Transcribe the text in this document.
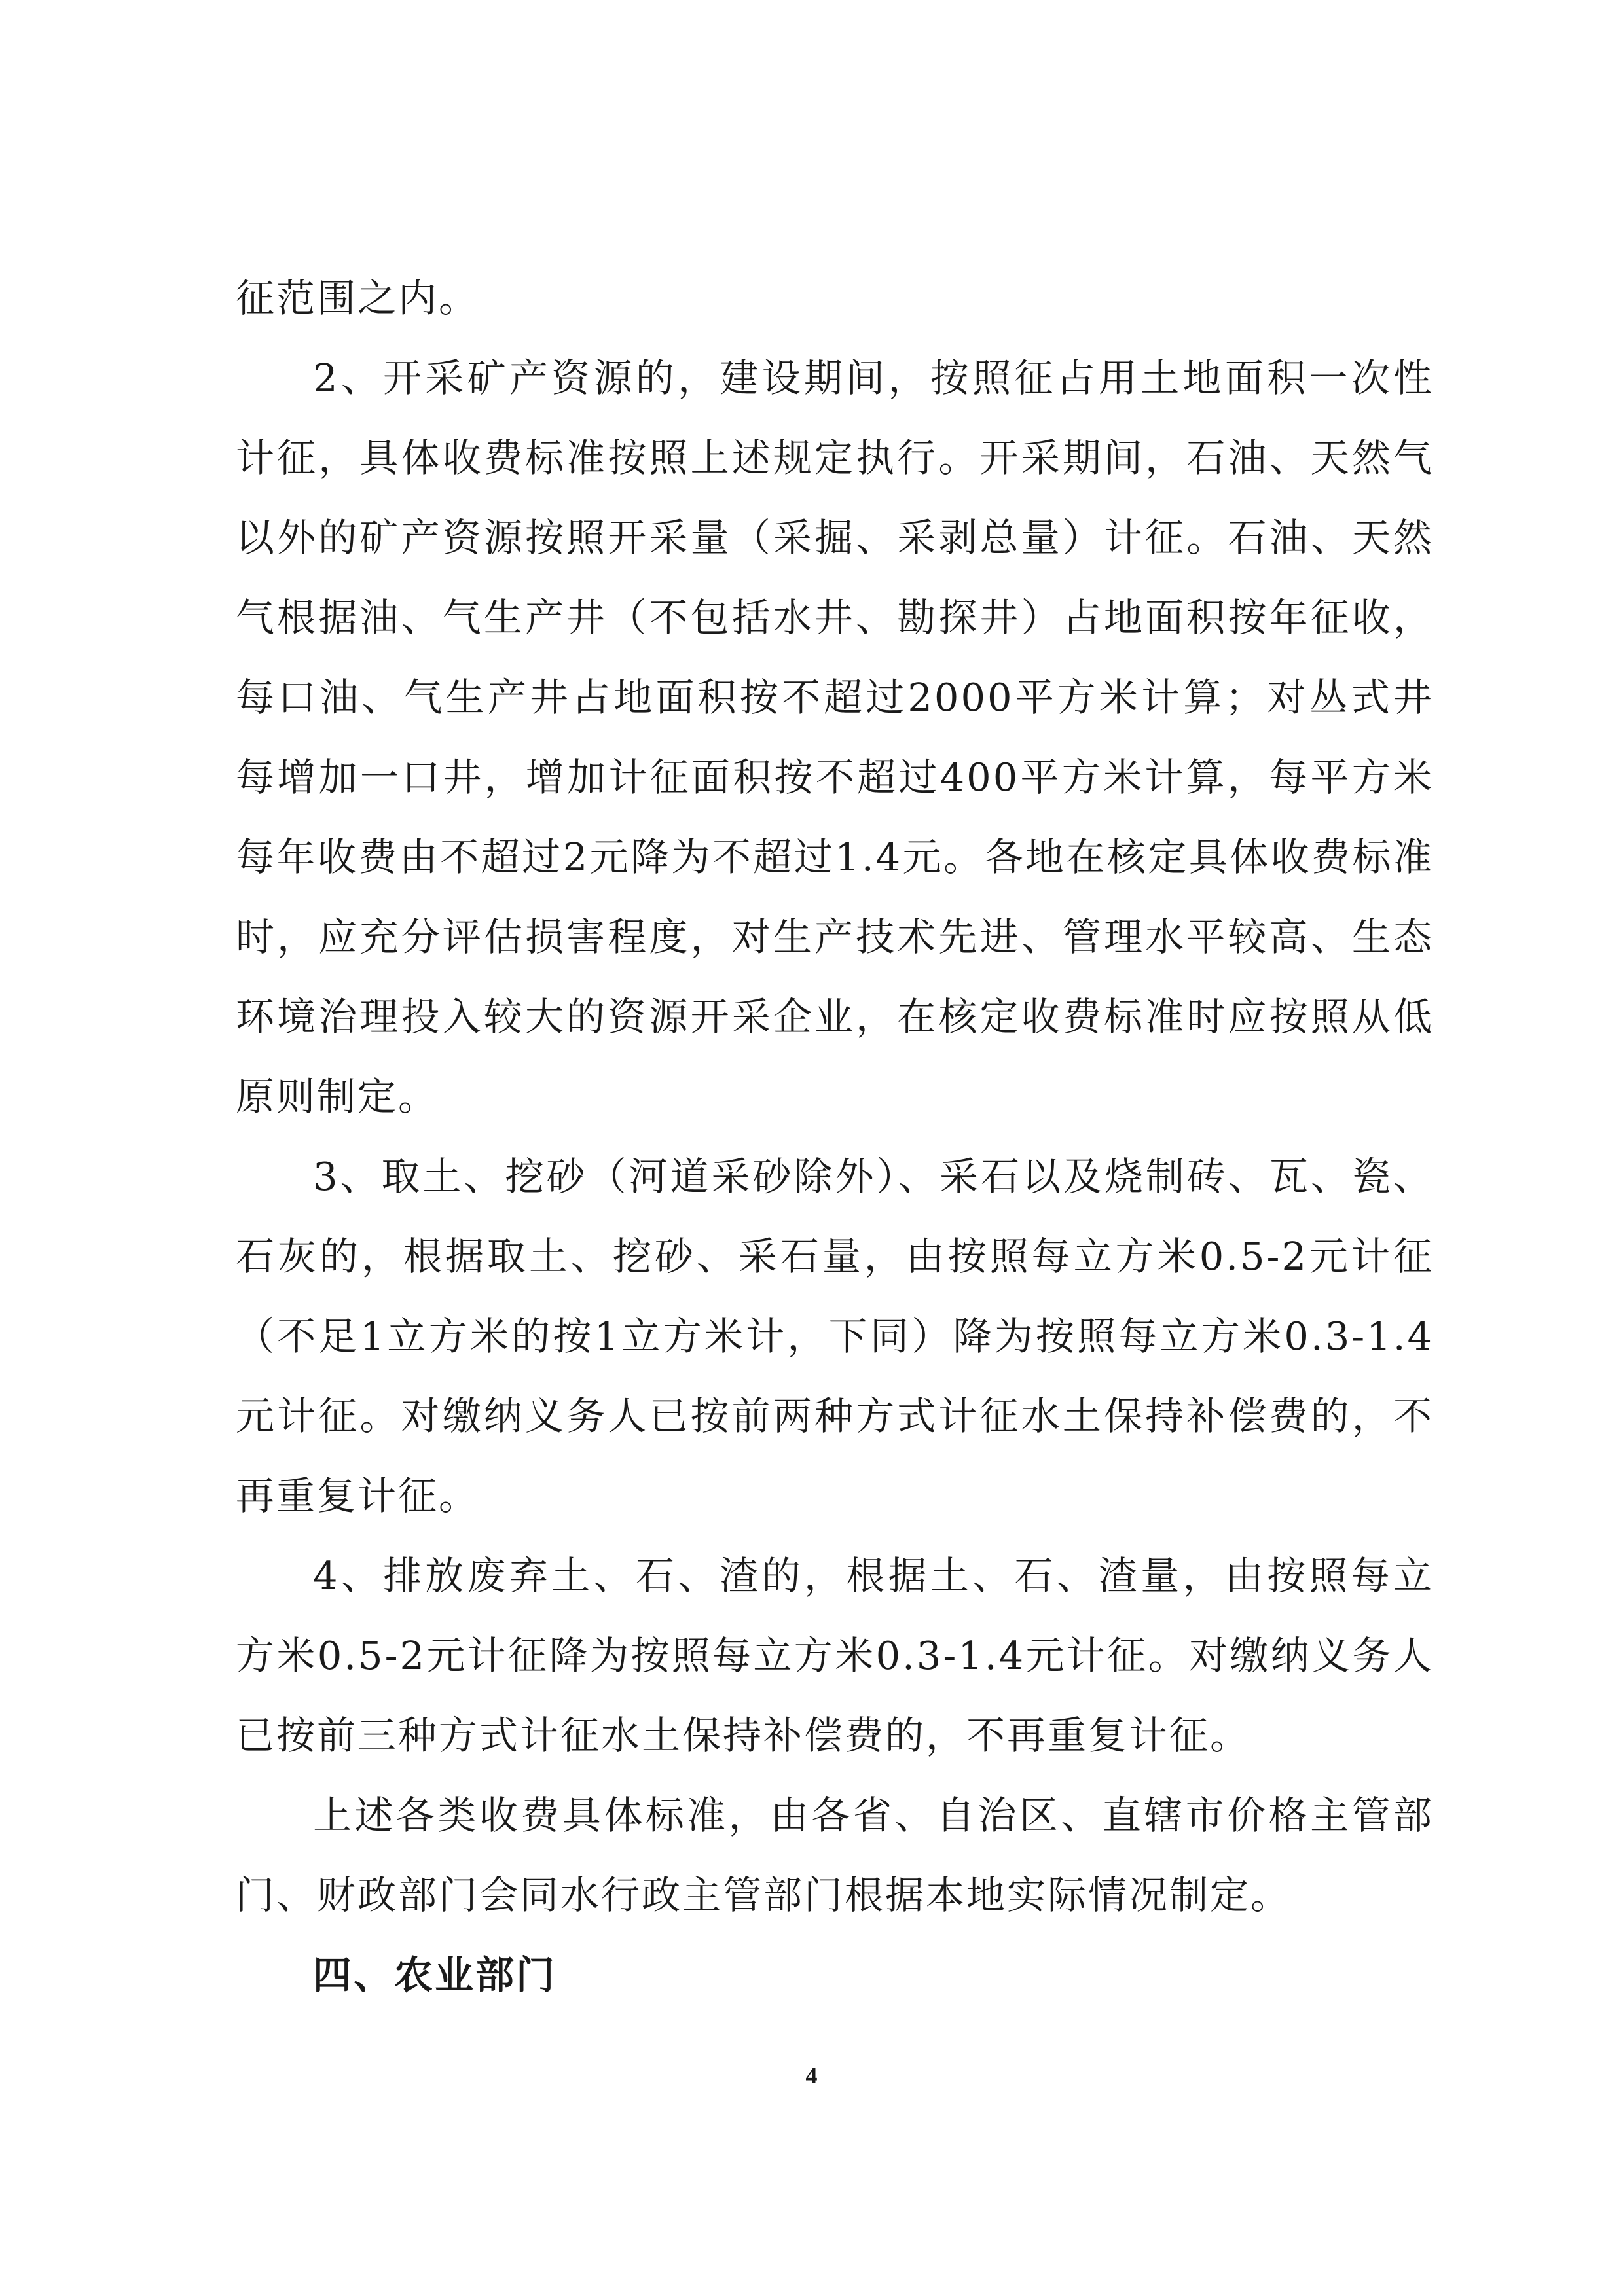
征范围之内。

2、开采矿产资源的，建设期间，按照征占用土地面积一次性计征，具体收费标准按照上述规定执行。开采期间，石油、天然气以外的矿产资源按照开采量（采掘、采剥总量）计征。石油、天然气根据油、气生产井（不包括水井、勘探井）占地面积按年征收，每口油、气生产井占地面积按不超过2000平方米计算；对丛式井每增加一口井，增加计征面积按不超过400平方米计算，每平方米每年收费由不超过2元降为不超过1.4元。各地在核定具体收费标准时，应充分评估损害程度，对生产技术先进、管理水平较高、生态环境治理投入较大的资源开采企业，在核定收费标准时应按照从低原则制定。

3、取土、挖砂（河道采砂除外）、采石以及烧制砖、瓦、瓷、石灰的，根据取土、挖砂、采石量，由按照每立方米0.5-2元计征（不足1立方米的按1立方米计，下同）降为按照每立方米0.3-1.4元计征。对缴纳义务人已按前两种方式计征水土保持补偿费的，不再重复计征。

4、排放废弃土、石、渣的，根据土、石、渣量，由按照每立方米0.5-2元计征降为按照每立方米0.3-1.4元计征。对缴纳义务人已按前三种方式计征水土保持补偿费的，不再重复计征。

上述各类收费具体标准，由各省、自治区、直辖市价格主管部门、财政部门会同水行政主管部门根据本地实际情况制定。

四、农业部门

4
